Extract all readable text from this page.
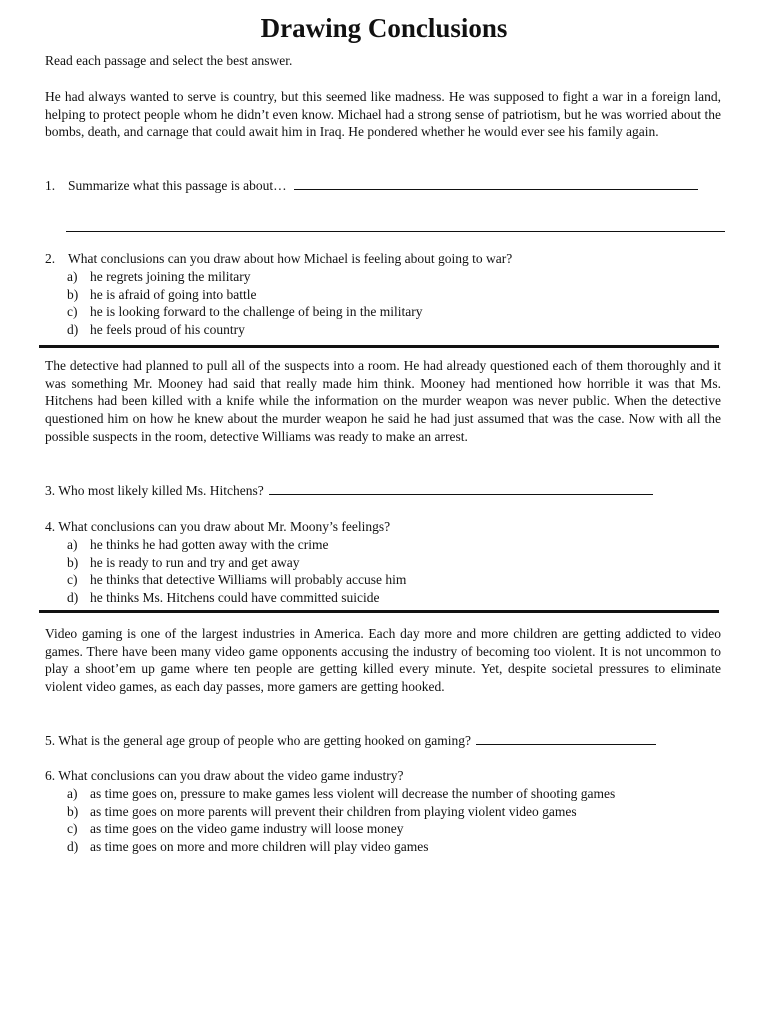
Drawing Conclusions

Read each passage and select the best answer.

He had always wanted to serve is country, but this seemed like madness. He was supposed to fight a war in a foreign land, helping to protect people whom he didn’t even know. Michael had a strong sense of patriotism, but he was worried about the bombs, death, and carnage that could await him in Iraq. He pondered whether he would ever see his family again.

1. Summarize what this passage is about…
2. What conclusions can you draw about how Michael is feeling about going to war?
a) he regrets joining the military
b) he is afraid of going into battle
c) he is looking forward to the challenge of being in the military
d) he feels proud of his country

The detective had planned to pull all of the suspects into a room. He had already questioned each of them thoroughly and it was something Mr. Mooney had said that really made him think. Mooney had mentioned how horrible it was that Ms. Hitchens had been killed with a knife while the information on the murder weapon was never public. When the detective questioned him on how he knew about the murder weapon he said he had just assumed that was the case. Now with all the possible suspects in the room, detective Williams was ready to make an arrest.

3. Who most likely killed Ms. Hitchens?
4. What conclusions can you draw about Mr. Moony’s feelings?
a) he thinks he had gotten away with the crime
b) he is ready to run and try and get away
c) he thinks that detective Williams will probably accuse him
d) he thinks Ms. Hitchens could have committed suicide

Video gaming is one of the largest industries in America. Each day more and more children are getting addicted to video games. There have been many video game opponents accusing the industry of becoming too violent. It is not uncommon to play a shoot’em up game where ten people are getting killed every minute. Yet, despite societal pressures to eliminate violent video games, as each day passes, more gamers are getting hooked.

5. What is the general age group of people who are getting hooked on gaming?
6. What conclusions can you draw about the video game industry?
a) as time goes on, pressure to make games less violent will decrease the number of shooting games
b) as time goes on more parents will prevent their children from playing violent video games
c) as time goes on the video game industry will loose money
d) as time goes on more and more children will play video games
